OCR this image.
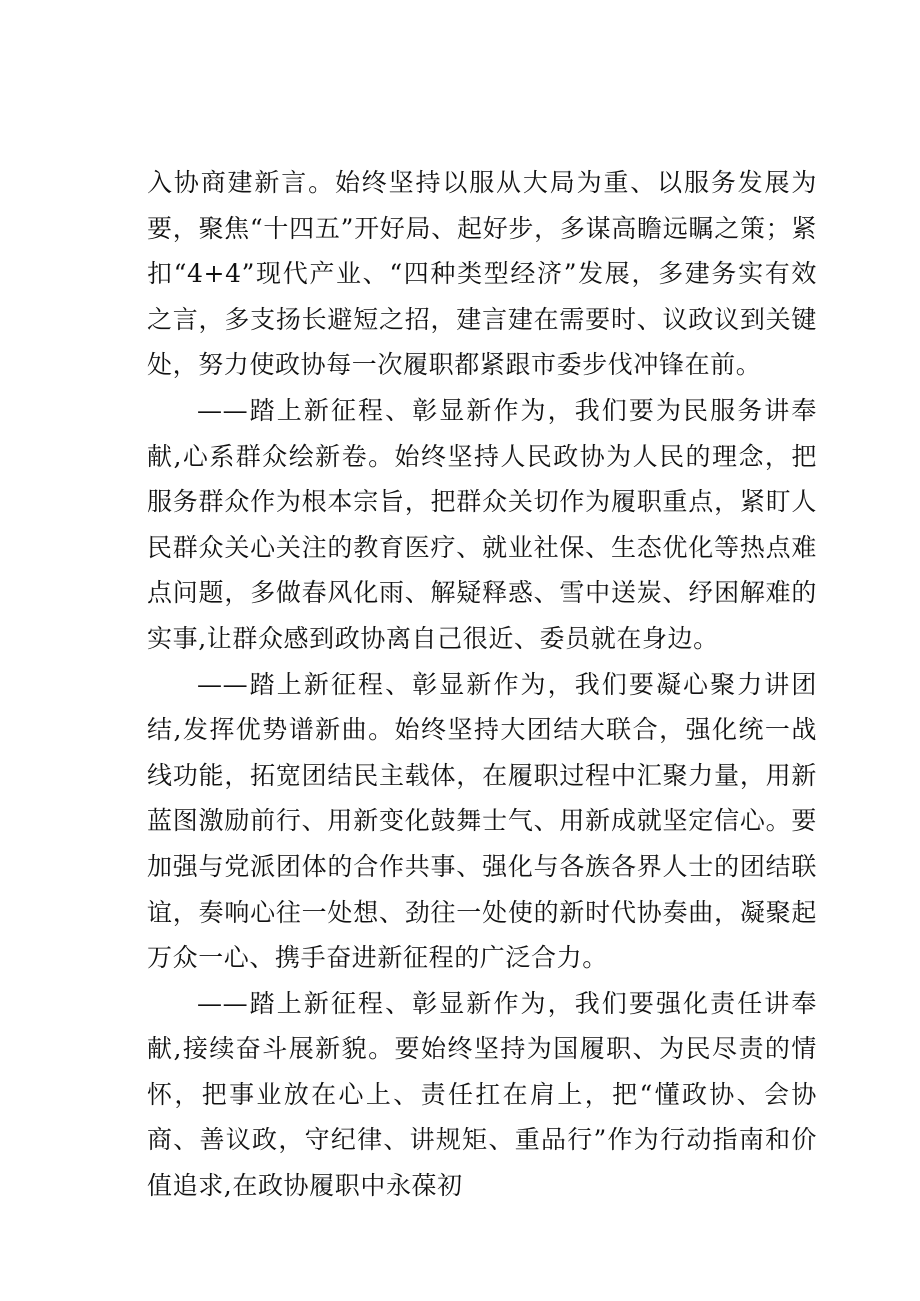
入协商建新言。始终坚持以服从大局为重、以服务发展为要，聚焦“十四五”开好局、起好步，多谋高瞻远瞩之策；紧扣“4+4”现代产业、“四种类型经济”发展，多建务实有效之言，多支扬长避短之招，建言建在需要时、议政议到关键处，努力使政协每一次履职都紧跟市委步伐冲锋在前。

——踏上新征程、彰显新作为，我们要为民服务讲奉献,心系群众绘新卷。始终坚持人民政协为人民的理念，把服务群众作为根本宗旨，把群众关切作为履职重点，紧盯人民群众关心关注的教育医疗、就业社保、生态优化等热点难点问题，多做春风化雨、解疑释惑、雪中送炭、纾困解难的实事,让群众感到政协离自己很近、委员就在身边。

——踏上新征程、彰显新作为，我们要凝心聚力讲团结,发挥优势谱新曲。始终坚持大团结大联合，强化统一战线功能，拓宽团结民主载体，在履职过程中汇聚力量，用新蓝图激励前行、用新变化鼓舞士气、用新成就坚定信心。要加强与党派团体的合作共事、强化与各族各界人士的团结联谊，奏响心往一处想、劲往一处使的新时代协奏曲，凝聚起万众一心、携手奋进新征程的广泛合力。

——踏上新征程、彰显新作为，我们要强化责任讲奉献,接续奋斗展新貌。要始终坚持为国履职、为民尽责的情怀，把事业放在心上、责任扛在肩上，把“懂政协、会协商、善议政，守纪律、讲规矩、重品行”作为行动指南和价值追求,在政协履职中永葆初
